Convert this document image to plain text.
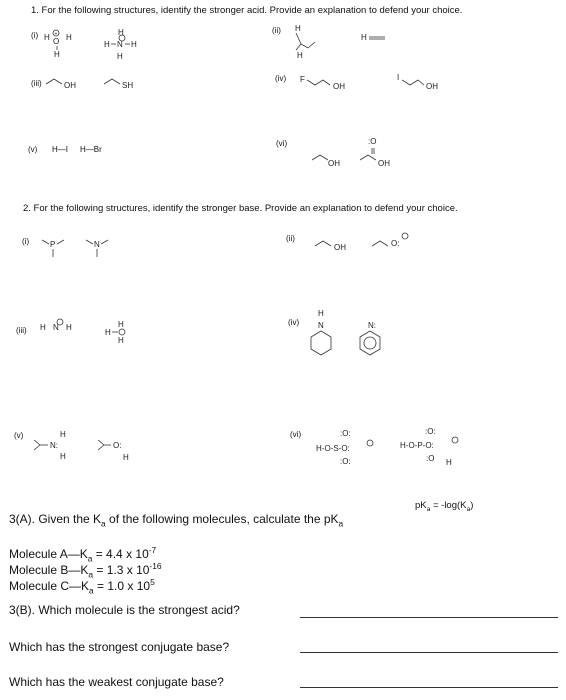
1. For the following structures, identify the stronger acid. Provide an explanation to defend your choice.
(i) H +
O H
H
H
H N H
H
H
H
H
OH	SH
F
OH
I
OH
OH
:O
OH
(ii)
(iii)
(iv)
(v) H—I H—Br
(vi)
2. For the following structures, identify the stronger base. Provide an explanation to defend your choice.
(i)	(ii)
(iii)
(iv)
(v)	(vi)
P	N	OH	O:
H N H
H
H
H
H
N	N:
N:
H
H
O:
H
:O:
H-O-S-O:
:O:
:O:
H-O-P-O:
:O H
3(A). Given the $K_a$ of the following molecules, calculate the $pK_a$
$pK_a = -\log(K_a)$
Molecule $A—K_a = 4.4$ x $10^{-7}$
Molecule $B—K_a = 1.3$ x $10^{-16}$
Molecule $C—K_a = 1.0$ x $10^5$
3(B). Which molecule is the strongest acid?
Which has the strongest conjugate base?
Which has the weakest conjugate base?
